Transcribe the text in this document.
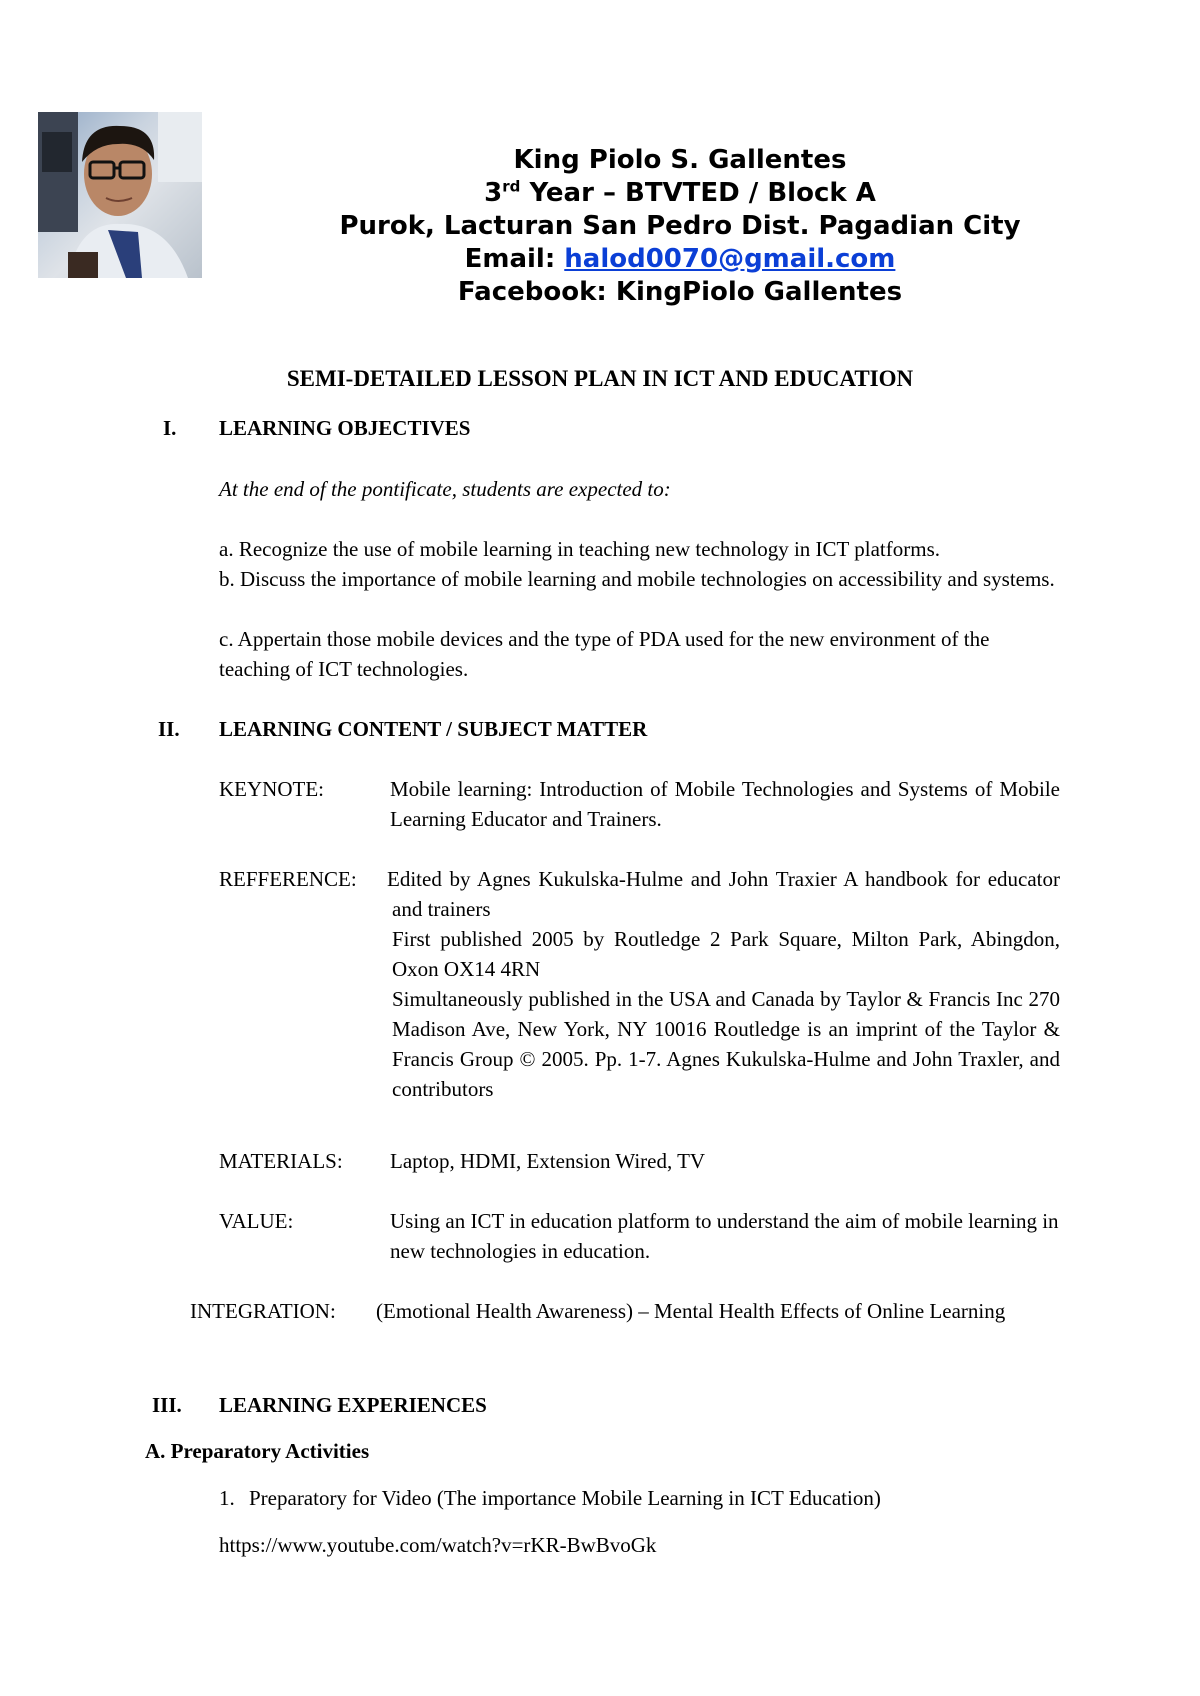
King Piolo S. Gallentes
3rd Year – BTVTED / Block A
Purok, Lacturan San Pedro Dist. Pagadian City
Email: halod0070@gmail.com
Facebook: KingPiolo Gallentes
SEMI-DETAILED LESSON PLAN IN ICT AND EDUCATION
I. LEARNING OBJECTIVES
At the end of the pontificate, students are expected to:
a. Recognize the use of mobile learning in teaching new technology in ICT platforms.
b. Discuss the importance of mobile learning and mobile technologies on accessibility and systems.
c. Appertain those mobile devices and the type of PDA used for the new environment of the teaching of ICT technologies.
II. LEARNING CONTENT / SUBJECT MATTER
KEYNOTE:	Mobile learning: Introduction of Mobile Technologies and Systems of Mobile Learning Educator and Trainers.
REFFERENCE: Edited by Agnes Kukulska-Hulme and John Traxier A handbook for educator and trainers
First published 2005 by Routledge 2 Park Square, Milton Park, Abingdon, Oxon OX14 4RN
Simultaneously published in the USA and Canada by Taylor & Francis Inc 270 Madison Ave, New York, NY 10016 Routledge is an imprint of the Taylor & Francis Group © 2005. Pp. 1-7. Agnes Kukulska-Hulme and John Traxler, and contributors
MATERIALS: Laptop, HDMI, Extension Wired, TV
VALUE:	Using an ICT in education platform to understand the aim of mobile learning in new technologies in education.
INTEGRATION: (Emotional Health Awareness) – Mental Health Effects of Online Learning
III. LEARNING EXPERIENCES
A. Preparatory Activities
1. Preparatory for Video (The importance Mobile Learning in ICT Education)
https://www.youtube.com/watch?v=rKR-BwBvoGk
